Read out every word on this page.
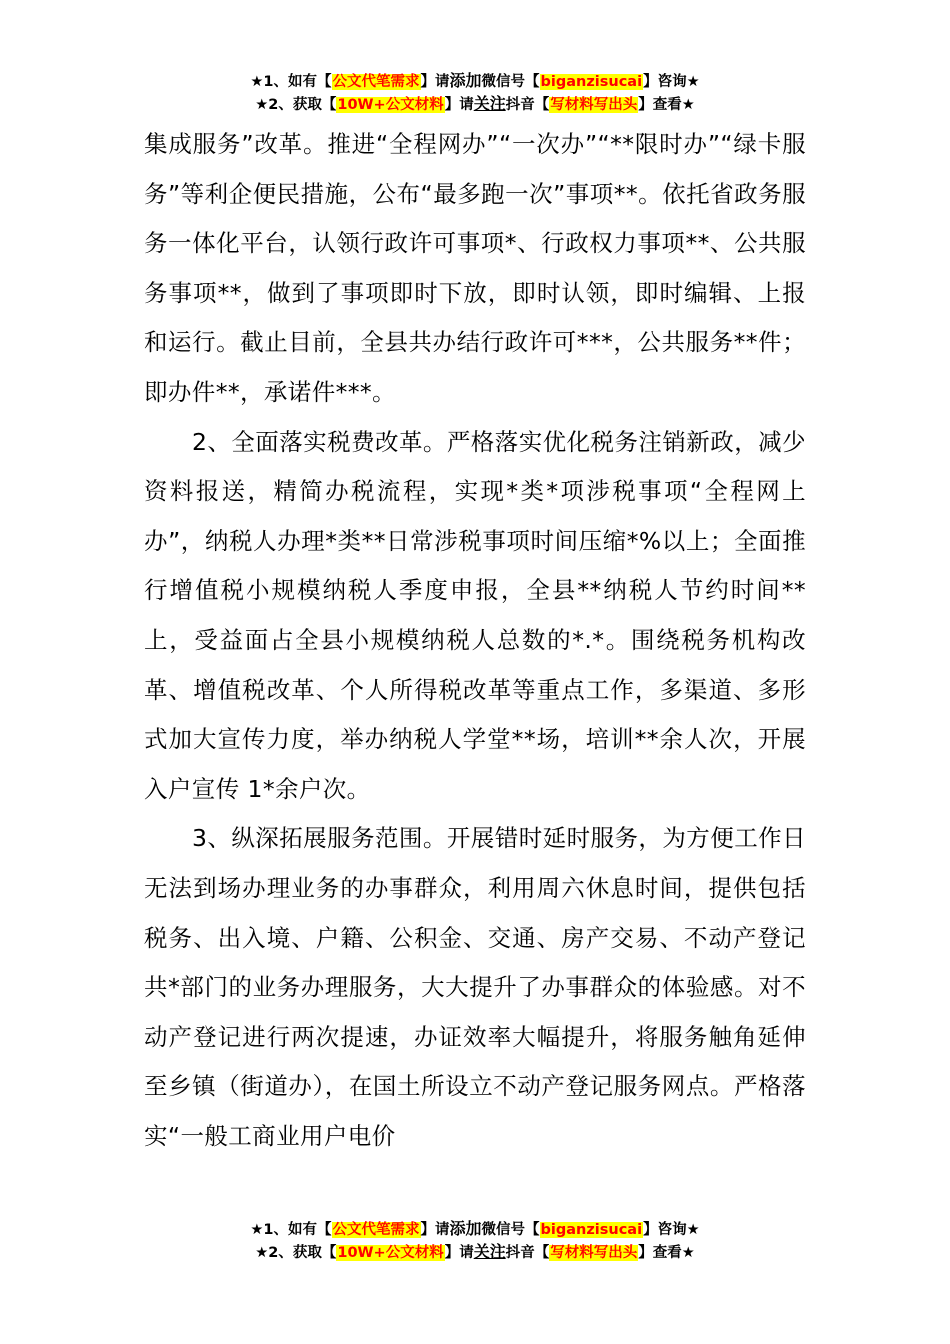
★1、如有【公文代笔需求】请添加微信号【biganzisucai】咨询★
★2、获取【10W+公文材料】请关注抖音【写材料写出头】查看★

集成服务”改革。推进“全程网办”“一次办”“**限时办”“绿卡服务”等利企便民措施，公布“最多跑一次”事项**。依托省政务服务一体化平台，认领行政许可事项*、行政权力事项**、公共服务事项**，做到了事项即时下放，即时认领，即时编辑、上报和运行。截止目前，全县共办结行政许可***，公共服务**件；即办件**，承诺件***。

2、全面落实税费改革。严格落实优化税务注销新政，减少资料报送，精简办税流程，实现*类*项涉税事项“全程网上办”，纳税人办理*类**日常涉税事项时间压缩*%以上；全面推行增值税小规模纳税人季度申报，全县**纳税人节约时间**上，受益面占全县小规模纳税人总数的*.*。围绕税务机构改革、增值税改革、个人所得税改革等重点工作，多渠道、多形式加大宣传力度，举办纳税人学堂**场，培训**余人次，开展入户宣传 1*余户次。

3、纵深拓展服务范围。开展错时延时服务，为方便工作日无法到场办理业务的办事群众，利用周六休息时间，提供包括税务、出入境、户籍、公积金、交通、房产交易、不动产登记共*部门的业务办理服务，大大提升了办事群众的体验感。对不动产登记进行两次提速，办证效率大幅提升，将服务触角延伸至乡镇（街道办），在国土所设立不动产登记服务网点。严格落实“一般工商业用户电价

★1、如有【公文代笔需求】请添加微信号【biganzisucai】咨询★
★2、获取【10W+公文材料】请关注抖音【写材料写出头】查看★
